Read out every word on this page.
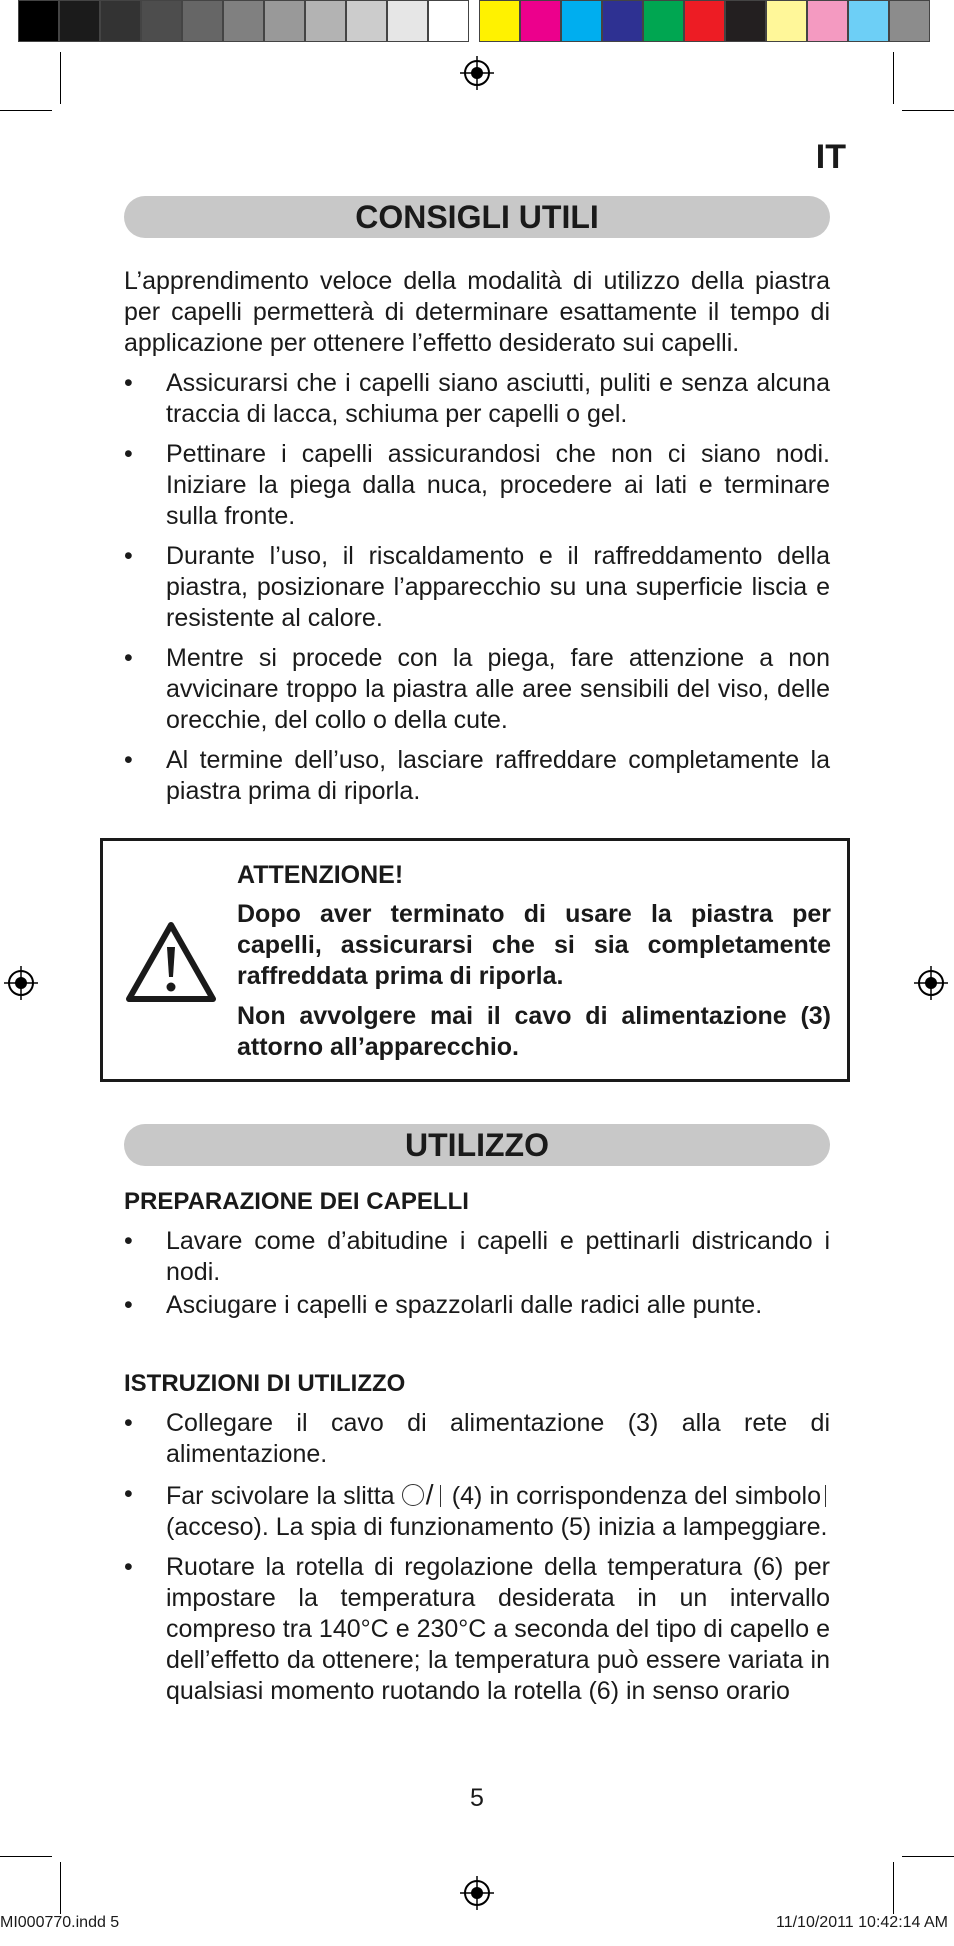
IT
CONSIGLI UTILI
L’apprendimento veloce della modalità di utilizzo della piastra per capelli permetterà di determinare esattamente il tempo di applicazione per ottenere l’effetto desiderato sui capelli.
• Assicurarsi che i capelli siano asciutti, puliti e senza alcuna traccia di lacca, schiuma per capelli o gel.
• Pettinare i capelli assicurandosi che non ci siano nodi. Iniziare la piega dalla nuca, procedere ai lati e terminare sulla fronte.
• Durante l’uso, il riscaldamento e il raffreddamento della piastra, posizionare l’apparecchio su una superficie liscia e resistente al calore.
• Mentre si procede con la piega, fare attenzione a non avvicinare troppo la piastra alle aree sensibili del viso, delle orecchie, del collo o della cute.
• Al termine dell’uso, lasciare raffreddare completamente la piastra prima di riporla.
ATTENZIONE!
Dopo aver terminato di usare la piastra per capelli, assicurarsi che si sia completamente raffreddata prima di riporla.
Non avvolgere mai il cavo di alimentazione (3) attorno all’apparecchio.
UTILIZZO
PREPARAZIONE DEI CAPELLI
• Lavare come d’abitudine i capelli e pettinarli districando i nodi.
• Asciugare i capelli e spazzolarli dalle radici alle punte.
ISTRUZIONI DI UTILIZZO
• Collegare il cavo di alimentazione (3) alla rete di alimentazione.
• Far scivolare la slitta / (4) in corrispondenza del simbolo(acceso). La spia di funzionamento (5) inizia a lampeggiare.
• Ruotare la rotella di regolazione della temperatura (6) per impostare la temperatura desiderata in un intervallo compreso tra 140°C e 230°C a seconda del tipo di capello e dell’effetto da ottenere; la temperatura può essere variata in qualsiasi momento ruotando la rotella (6) in senso orario
5
MI000770.indd 5	11/10/2011 10:42:14 AM
